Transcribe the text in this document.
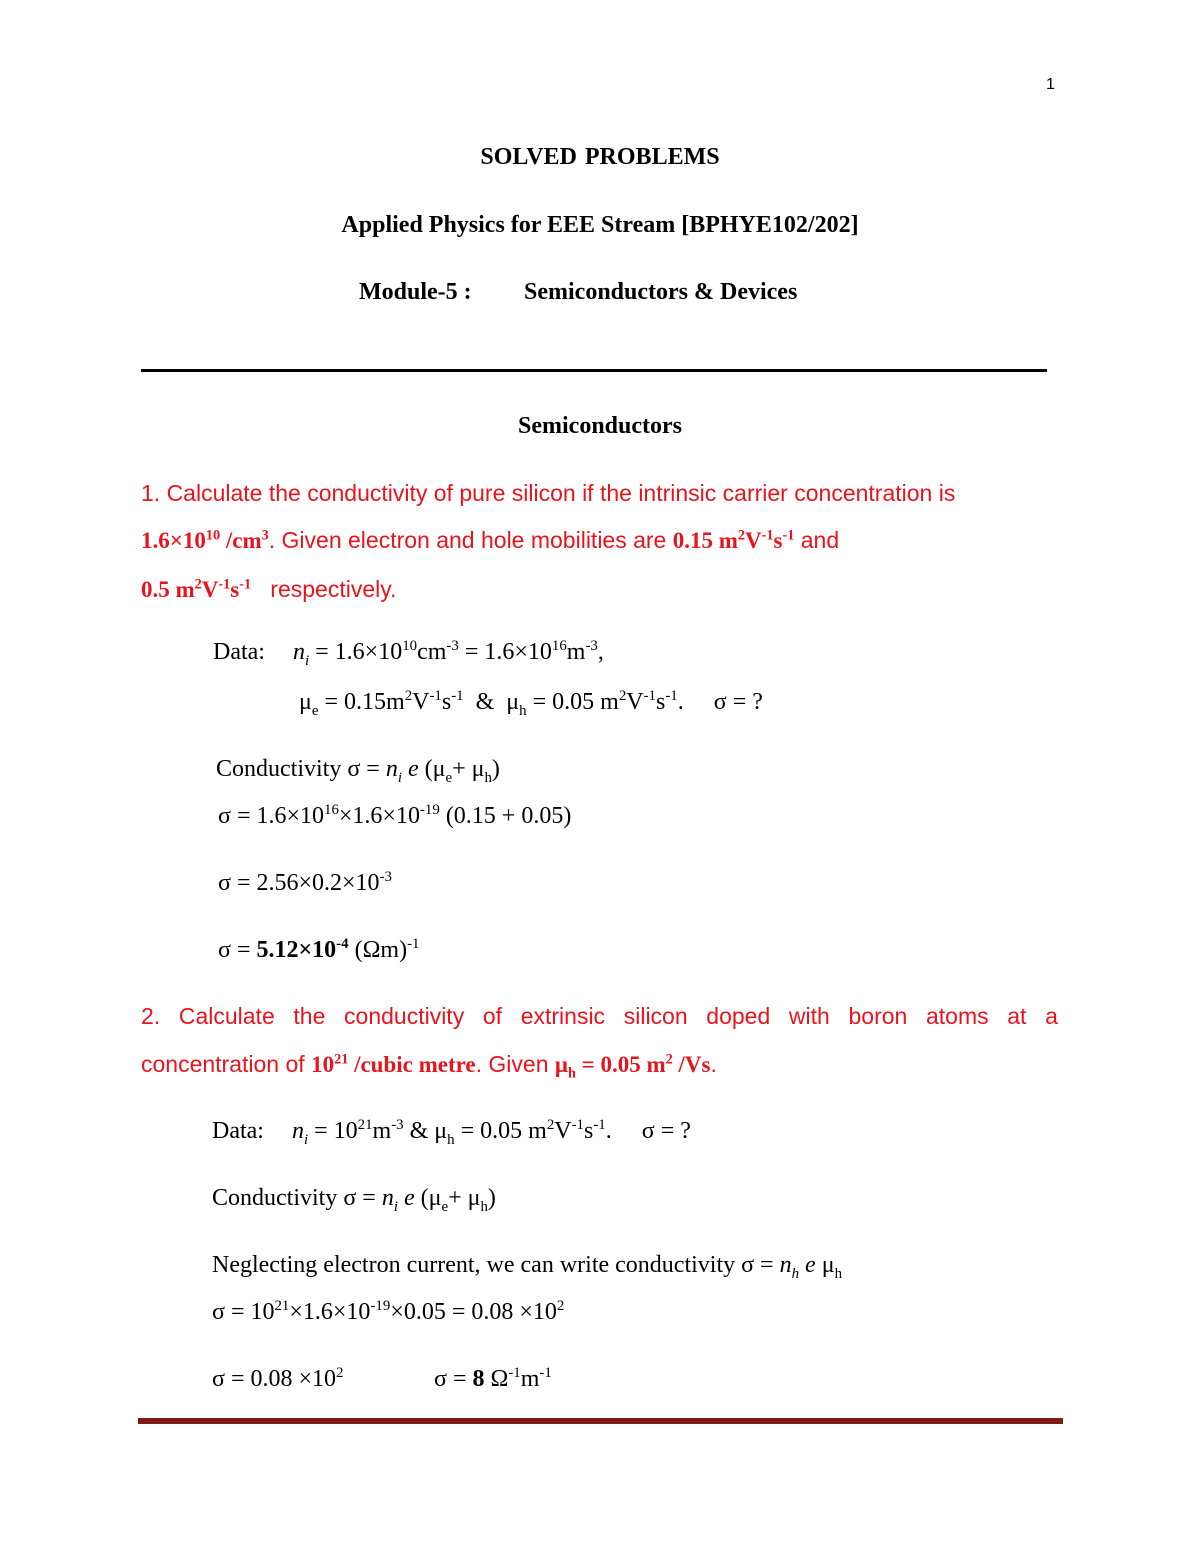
1
SOLVED PROBLEMS
Applied Physics for EEE Stream [BPHYE102/202]
Module-5 : Semiconductors & Devices
Semiconductors
1. Calculate the conductivity of pure silicon if the intrinsic carrier concentration is
$1.6\times 10^{10}$ $/cm^3$. Given electron and hole mobilities are 0.15 $m^2V^{-1}s^{-1}$ and
0.5 $m^2V^{-1}s^{-1}$ respectively.
Data: $n_i = 1.6\times 10^{10}cm^{-3} = 1.6\times 10^{16}m^{-3}$,
$\mu_e = 0.15m^2V^{-1}s^{-1}$  &  $\mu_h = 0.05$ $m^2V^{-1}s^{-1}$.     σ = ?
Conductivity $\sigma = n_i$ e $(\mu_e+ \mu_h)$
$\sigma = 1.6\times 10^{16}\times 1.6\times 10^{-19}$ (0.15 + 0.05)
$\sigma = 2.56\times 0.2\times 10^{-3}$
$\sigma = 5.12\times 10^{-4}$ $(\Omega m)^{-1}$
2. Calculate the conductivity of extrinsic silicon doped with boron atoms at a
concentration of $10^{21}$ /cubic metre. Given $\mu_h = 0.05$ $m^2$ /Vs.
Data: $n_i = 10^{21}m^{-3}$ & $\mu_h = 0.05$ $m^2V^{-1}s^{-1}$.     σ = ?
Conductivity $\sigma = n_i$ e $(\mu_e+ \mu_h)$
Neglecting electron current, we can write conductivity $\sigma = n_h$ e $\mu_h$
$\sigma = 10^{21}\times 1.6\times 10^{-19}\times 0.05 = 0.08 \times 10^2$
$\sigma = 0.08 \times 10^2$	σ = 8 $\Omega^{-1}m^{-1}$
